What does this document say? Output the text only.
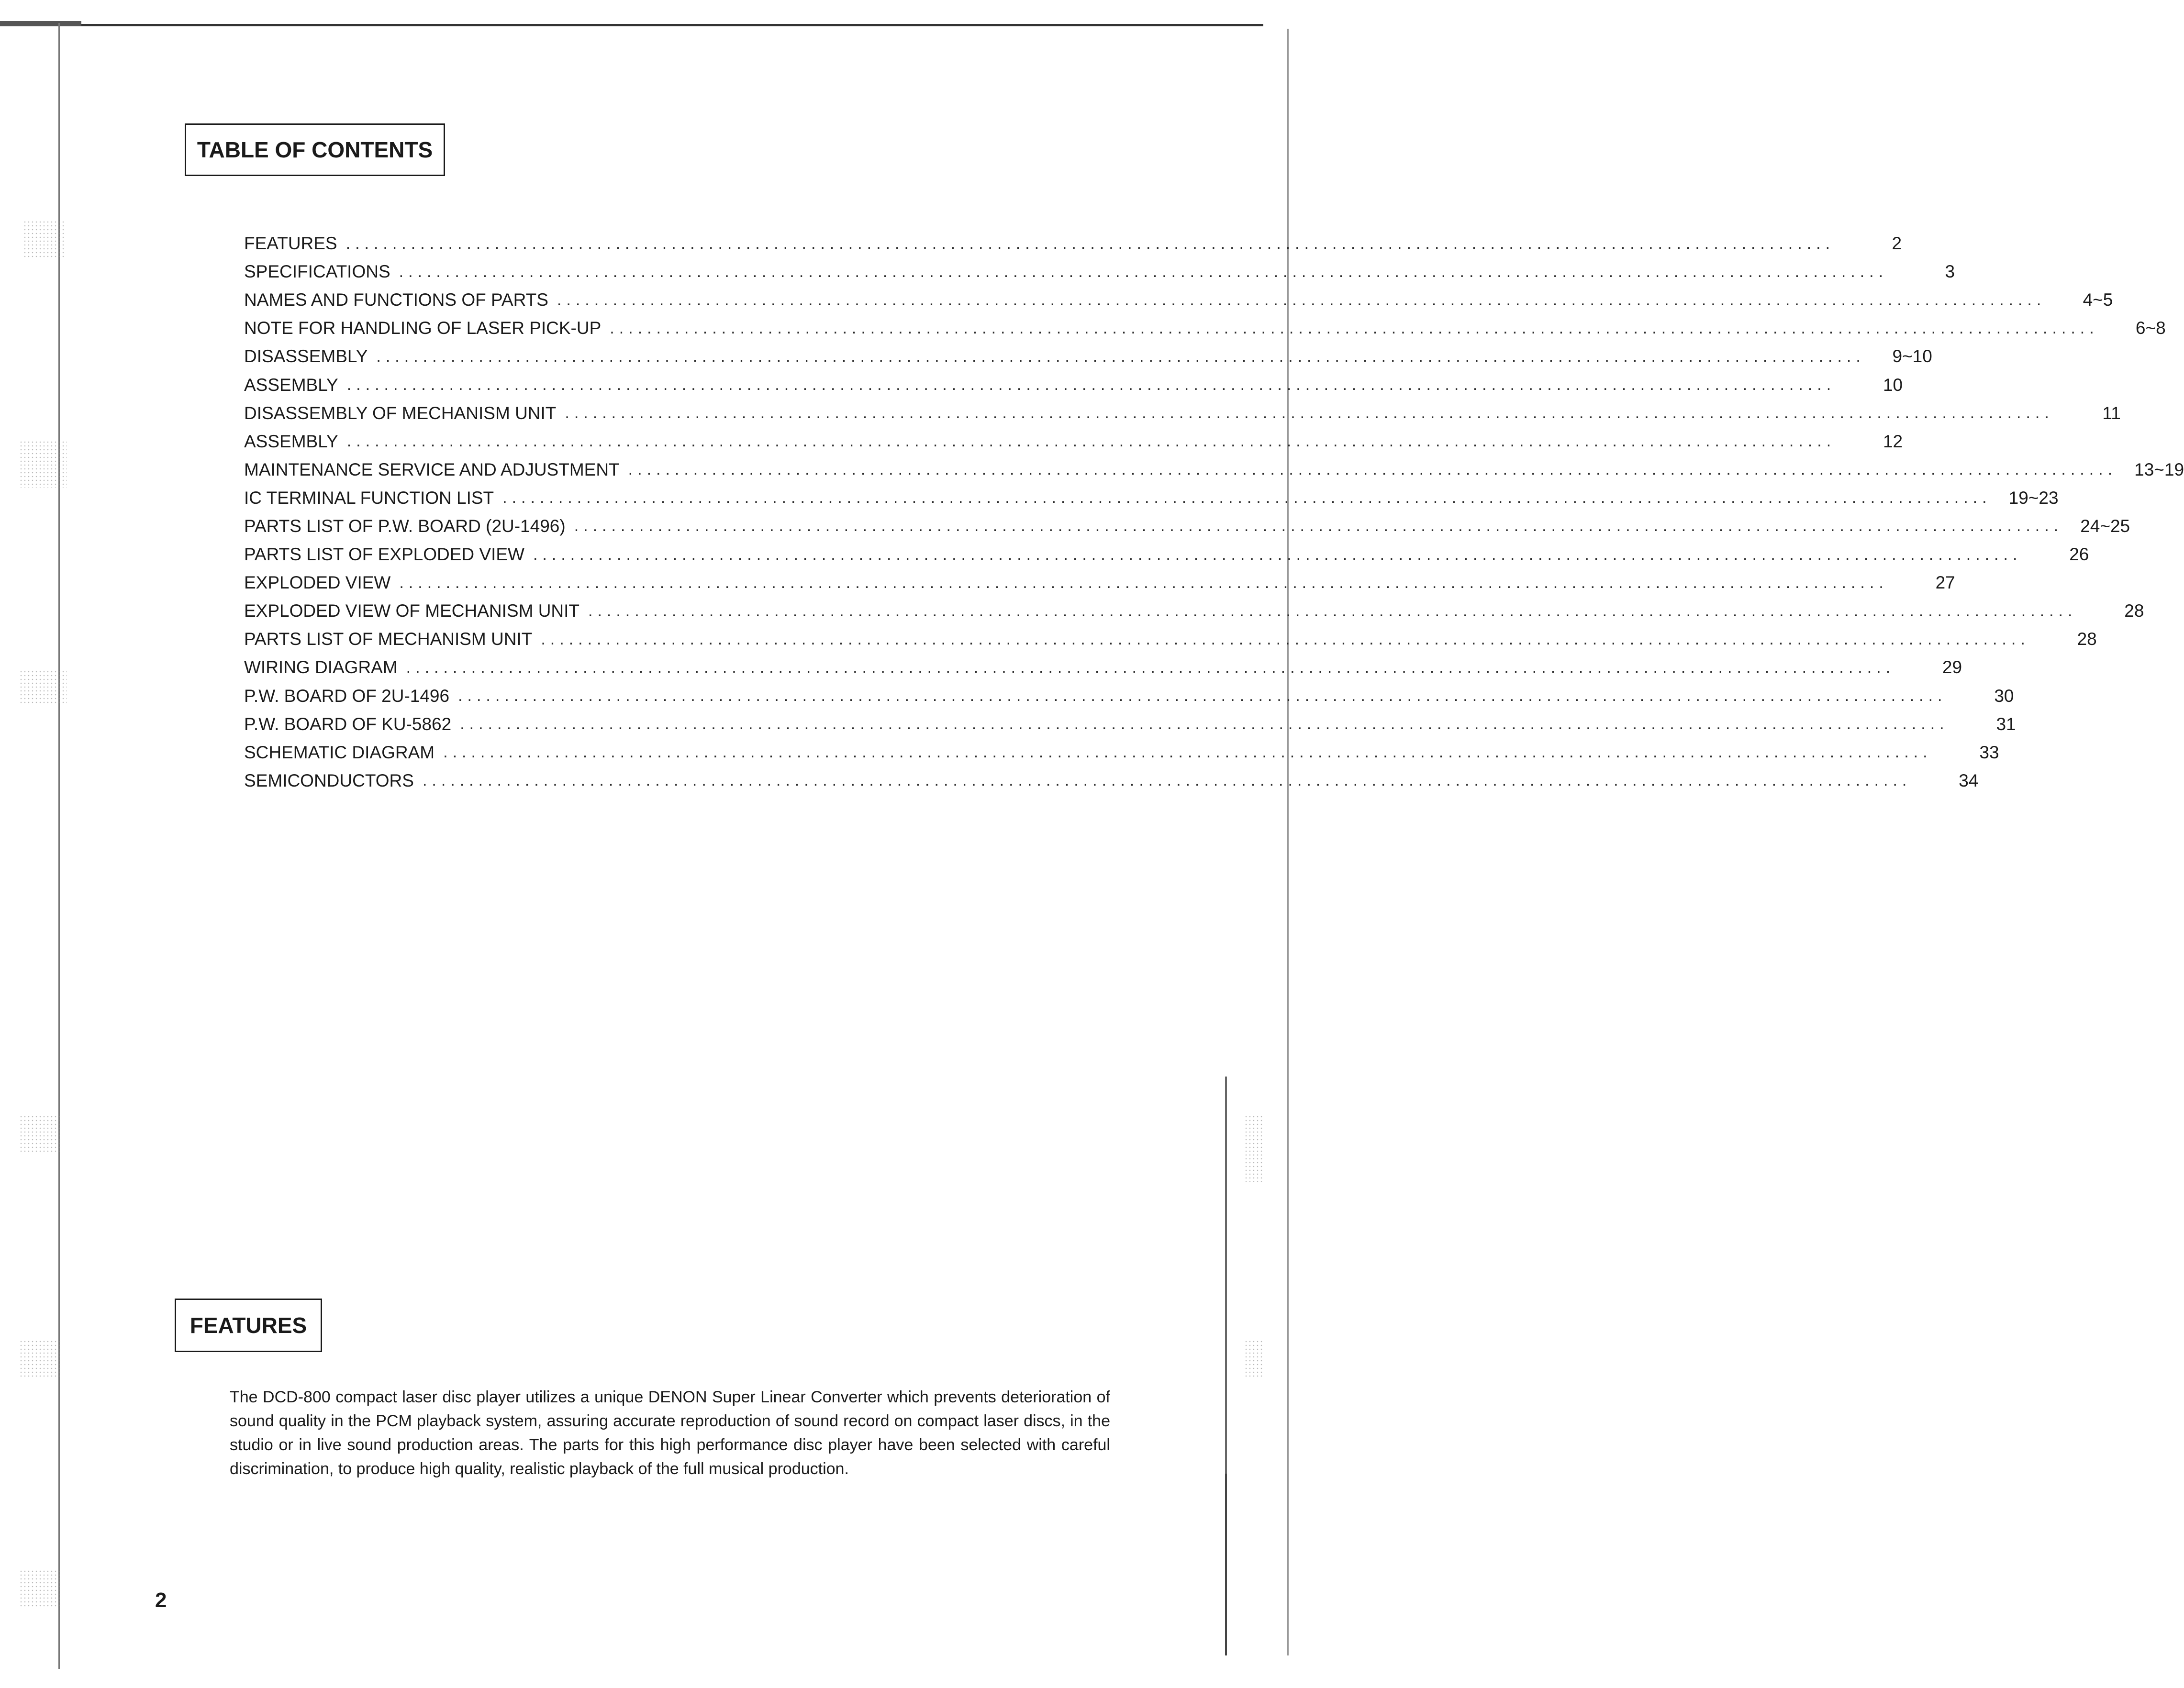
TABLE OF CONTENTS
FEATURES ................................................................................................................................................................	2
SPECIFICATIONS ................................................................................................................................................................	3
NAMES AND FUNCTIONS OF PARTS ................................................................................................................................................................	4~5
NOTE FOR HANDLING OF LASER PICK-UP ................................................................................................................................................................	6~8
DISASSEMBLY ................................................................................................................................................................	9~10
ASSEMBLY ................................................................................................................................................................	10
DISASSEMBLY OF MECHANISM UNIT ................................................................................................................................................................	11
ASSEMBLY ................................................................................................................................................................	12
MAINTENANCE SERVICE AND ADJUSTMENT ................................................................................................................................................................ 13~19
IC TERMINAL FUNCTION LIST ................................................................................................................................................................ 19~23
PARTS LIST OF P.W. BOARD (2U-1496) ................................................................................................................................................................ 24~25
PARTS LIST OF EXPLODED VIEW ................................................................................................................................................................	26
EXPLODED VIEW ................................................................................................................................................................	27
EXPLODED VIEW OF MECHANISM UNIT ................................................................................................................................................................	28
PARTS LIST OF MECHANISM UNIT ................................................................................................................................................................	28
WIRING DIAGRAM ................................................................................................................................................................	29
P.W. BOARD OF 2U-1496 ................................................................................................................................................................	30
P.W. BOARD OF KU-5862 ................................................................................................................................................................	31
SCHEMATIC DIAGRAM ................................................................................................................................................................	33
SEMICONDUCTORS ................................................................................................................................................................	34
FEATURES

The DCD-800 compact laser disc player utilizes a unique DENON Super Linear Converter which prevents deterioration of sound quality in the PCM playback system, assuring accurate reproduction of sound record on compact laser discs, in the studio or in live sound production areas. The parts for this high performance disc player have been selected with careful discrimination, to produce high quality, realistic playback of the full musical production.

2
